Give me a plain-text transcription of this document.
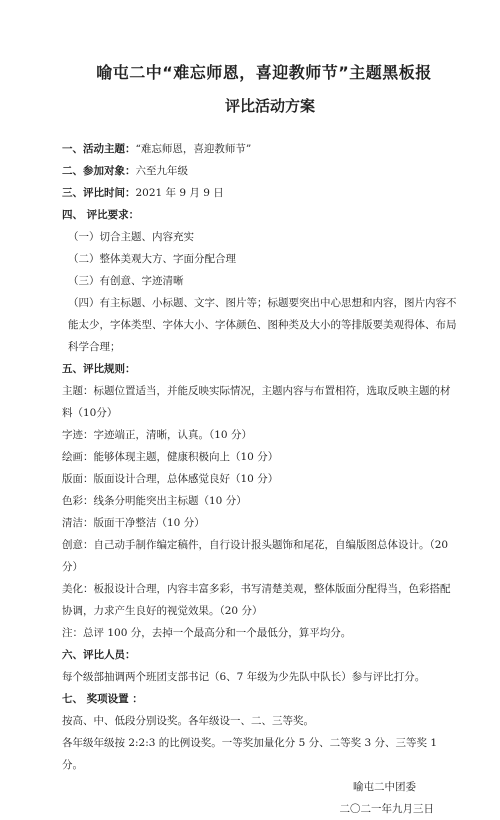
喻屯二中“难忘师恩，喜迎教师节”主题黑板报
评比活动方案

一、活动主题：“难忘师恩，喜迎教师节”

二、参加对象：六至九年级

三、评比时间：2021 年 9 月 9 日

四、 评比要求：

（一）切合主题、内容充实

（二）整体美观大方、字面分配合理

（三）有创意、字迹清晰

（四）有主标题、小标题、文字、图片等；标题要突出中心思想和内容，图片内容不能太少，字体类型、字体大小、字体颜色、图种类及大小的等排版要美观得体、布局科学合理；

五、评比规则：

主题：标题位置适当，并能反映实际情况，主题内容与布置相符，选取反映主题的材料（10分）

字迹：字迹端正，清晰，认真。（10 分）

绘画：能够体现主题，健康积极向上（10 分）

版面：版面设计合理，总体感觉良好（10 分）

色彩：线条分明能突出主标题（10 分）

清洁：版面干净整洁（10 分）

创意：自己动手制作编定稿件，自行设计报头题饰和尾花，自编版图总体设计。（20 分）

美化：板报设计合理，内容丰富多彩，书写清楚美观，整体版面分配得当，色彩搭配协调，力求产生良好的视觉效果。（20 分）

注：总评 100 分，去掉一个最高分和一个最低分，算平均分。

六、评比人员：

每个级部抽调两个班团支部书记（6、7 年级为少先队中队长）参与评比打分。

七、 奖项设置 ：

按高、中、低段分别设奖。各年级设一、二、三等奖。

各年级年级按 2:2:3 的比例设奖。一等奖加量化分 5 分、二等奖 3 分、三等奖 1 分。

喻屯二中团委

二〇二一年九月三日
